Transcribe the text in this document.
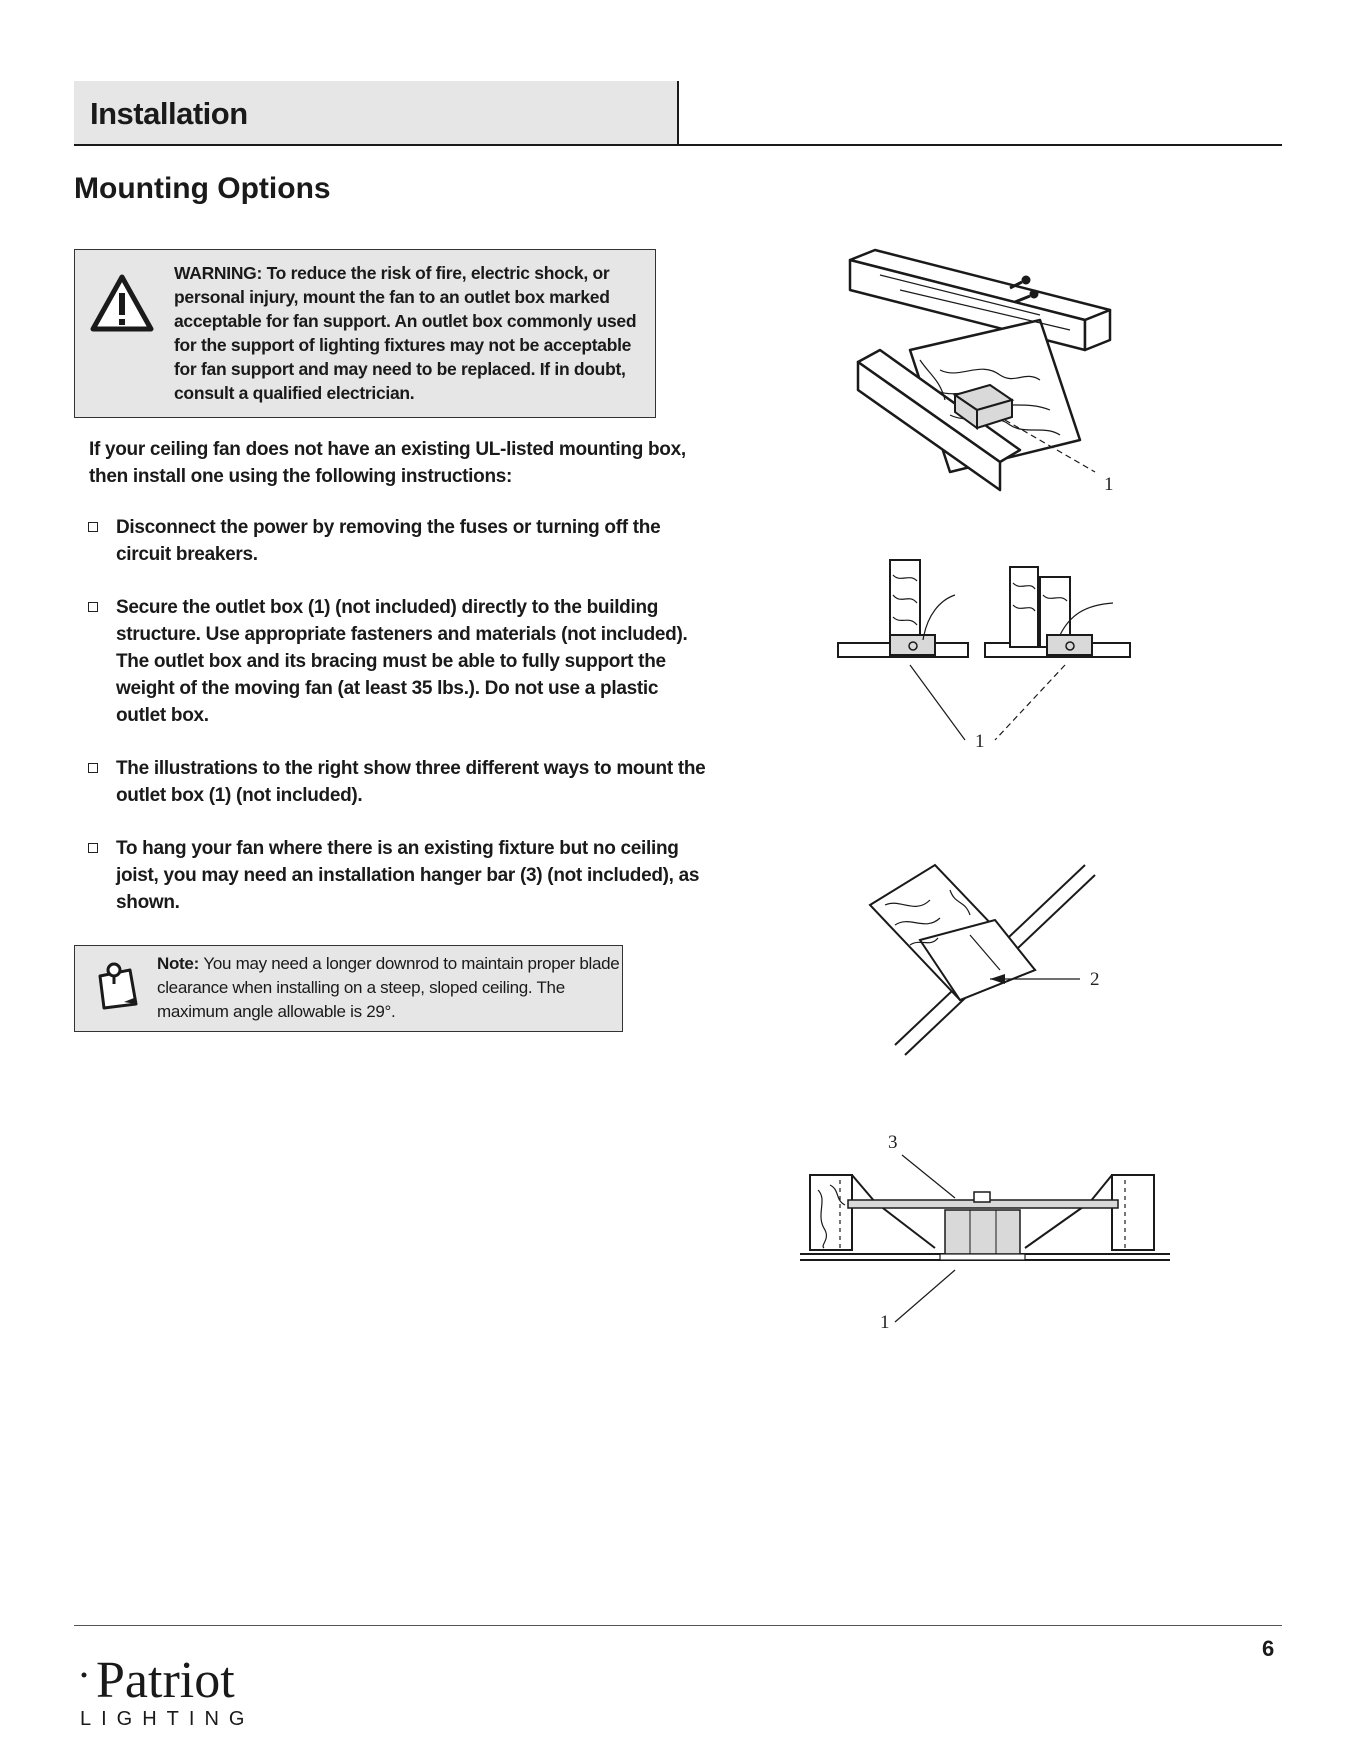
Installation
Mounting Options
WARNING: To reduce the risk of fire, electric shock, or personal injury, mount the fan to an outlet box marked acceptable for fan support. An outlet box commonly used for the support of lighting fixtures may not be acceptable for fan support and may need to be replaced. If in doubt, consult a qualified electrician.
If your ceiling fan does not have an existing UL-listed mounting box, then install one using the following instructions:
Disconnect the power by removing the fuses or turning off the circuit breakers.
Secure the outlet box (1) (not included) directly to the building structure. Use appropriate fasteners and materials (not included). The outlet box and its bracing must be able to fully support the weight of the moving fan (at least 35 lbs.). Do not use a plastic outlet box.
The illustrations to the right show three different ways to mount the outlet box (1) (not included).
To hang your fan where there is an existing fixture but no ceiling joist, you may need an installation hanger bar (3) (not included), as shown.
Note: You may need a longer downrod to maintain proper blade clearance when installing on a steep, sloped ceiling. The maximum angle allowable is 29°.
1
1
2
3
1
6
Patriot
LIGHTING
